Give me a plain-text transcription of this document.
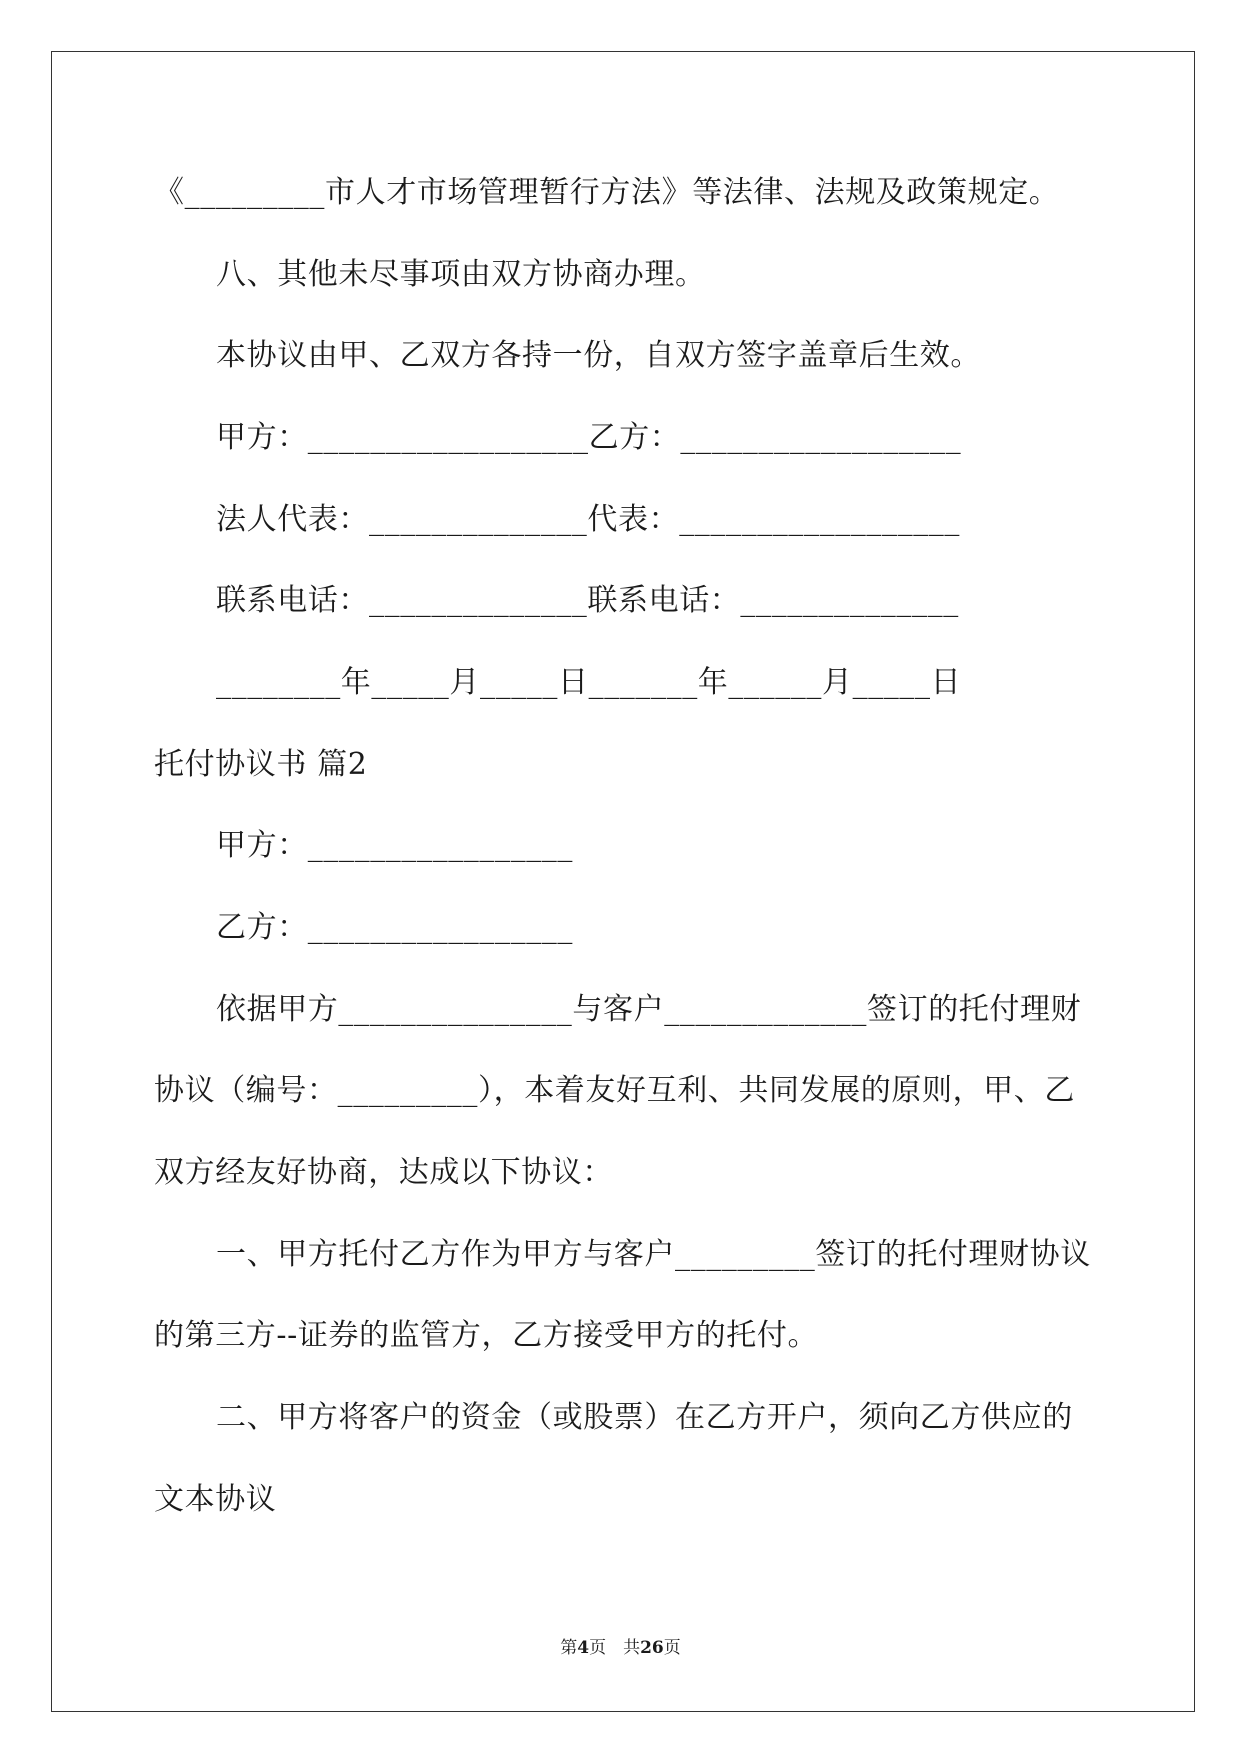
《_________市人才市场管理暂行方法》等法律、法规及政策规定。
八、其他未尽事项由双方协商办理。
本协议由甲、乙双方各持一份，自双方签字盖章后生效。
甲方：__________________乙方：__________________
法人代表：______________代表：__________________
联系电话：______________联系电话：______________
________年_____月_____日_______年______月_____日
托付协议书 篇2
甲方：_________________
乙方：_________________
依据甲方_______________与客户_____________签订的托付理财
协议（编号：_________），本着友好互利、共同发展的原则，甲、乙
双方经友好协商，达成以下协议：
一、甲方托付乙方作为甲方与客户_________签订的托付理财协议
的第三方--证券的监管方，乙方接受甲方的托付。
二、甲方将客户的资金（或股票）在乙方开户，须向乙方供应的
文本协议
第4页　共26页
